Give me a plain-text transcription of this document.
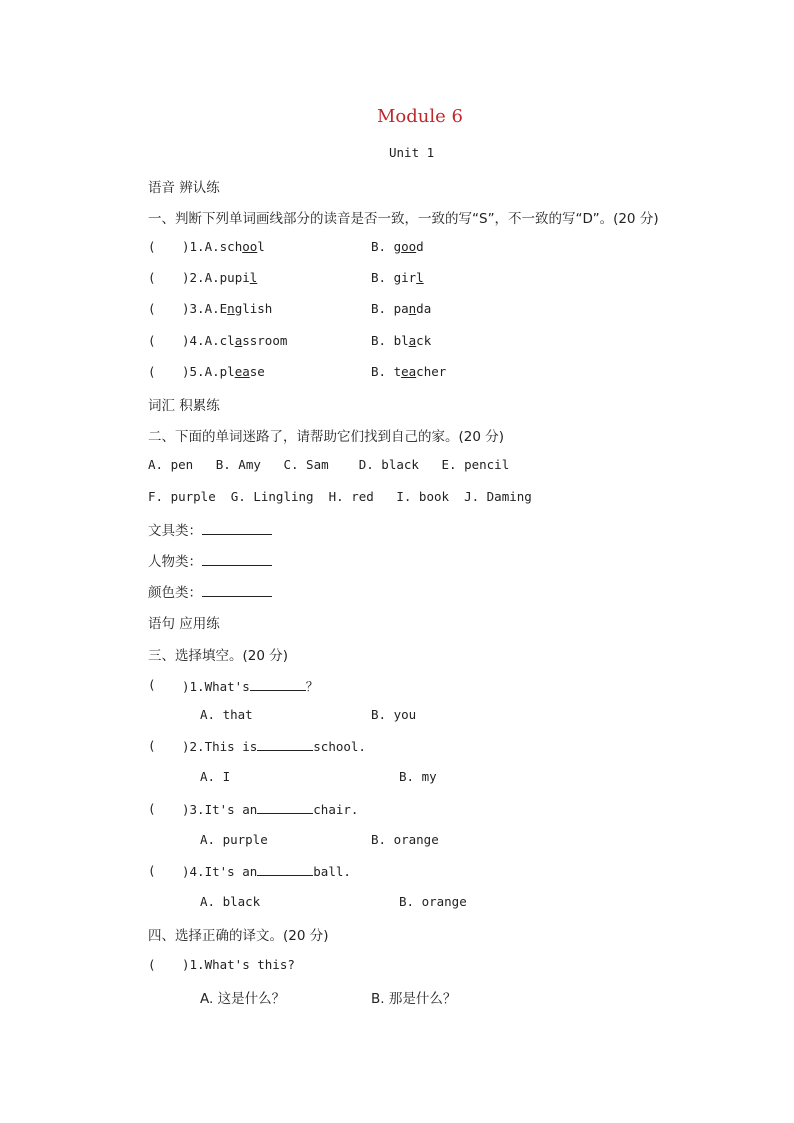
Module 6
Unit 1
语音 辨认练
一、判断下列单词画线部分的读音是否一致，一致的写“S”，不一致的写“D”。(20 分)
( )1.A.school	B. good
( )2.A.pupil	B. girl
( )3.A.English	B. panda
( )4.A.classroom	B. black
( )5.A.please	B. teacher
词汇 积累练
二、下面的单词迷路了，请帮助它们找到自己的家。(20 分)
A. pen   B. Amy   C. Sam    D. black   E. pencil
F. purple  G. Lingling  H. red   I. book  J. Daming
文具类：
人物类：
颜色类：
语句 应用练
三、选择填空。(20 分)
( )1.What's	？
A. that	B. you
( )2.This is	school.
A. I	B. my
( )3.It's an	chair.
A. purple	B. orange
( )4.It's an	ball.
A. black	B. orange
四、选择正确的译文。(20 分)
( )1.What's this?
A. 这是什么？	B. 那是什么？
